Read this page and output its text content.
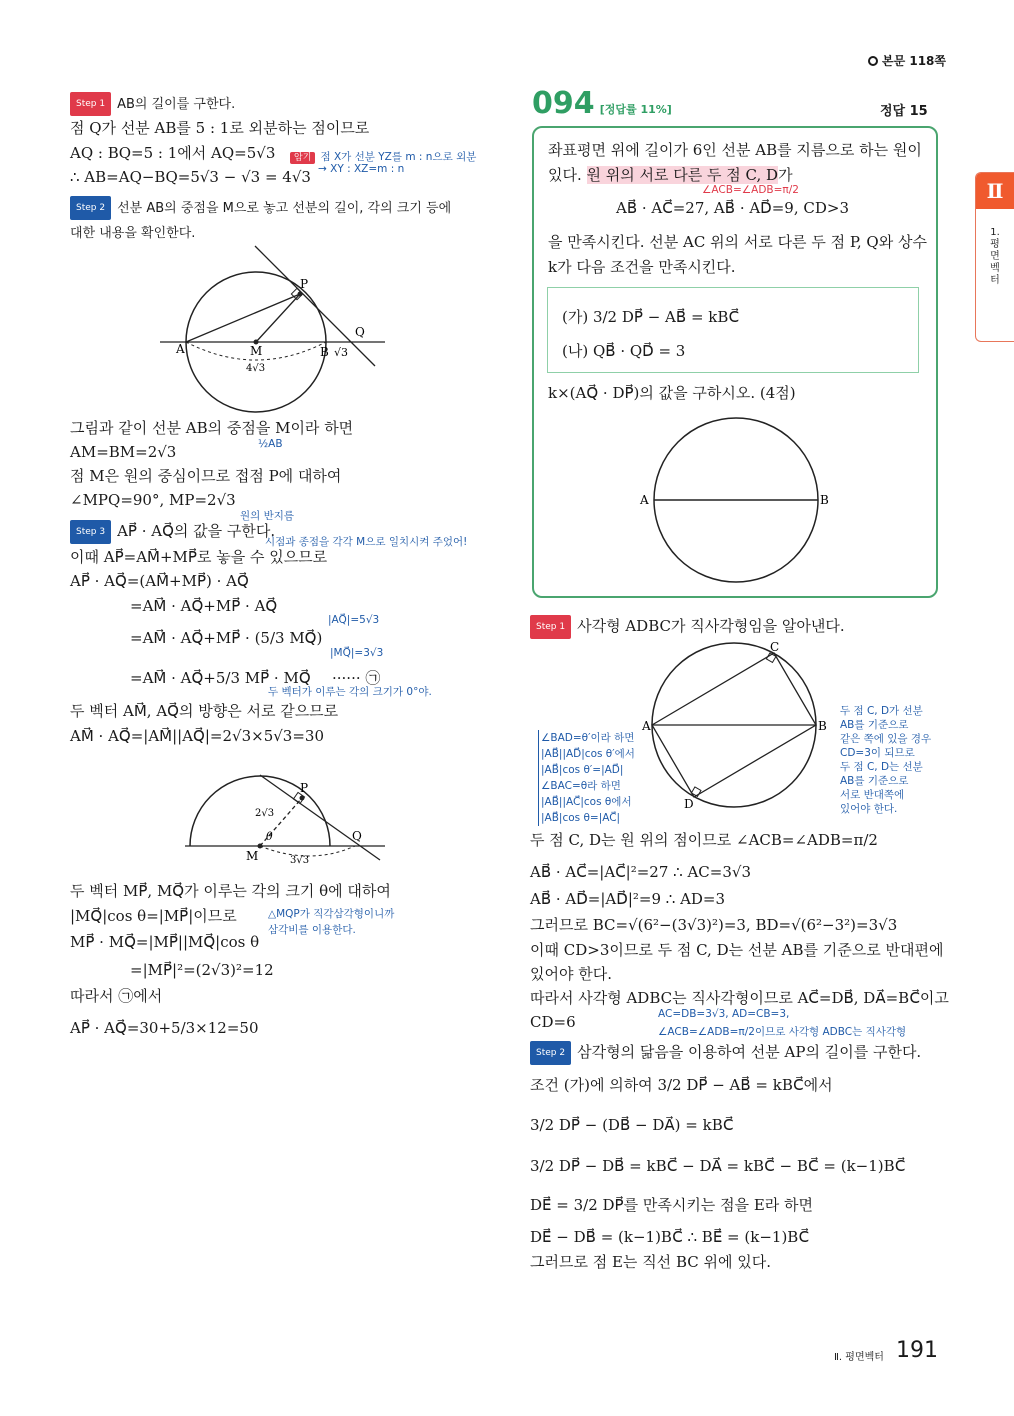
본문 118쪽
Ⅱ
1. 평면벡터
Step 1 AB의 길이를 구한다.
점 Q가 선분 AB를 5 : 1로 외분하는 점이므로
AQ : BQ=5 : 1에서 AQ=5√3	암기 점 X가 선분 YZ를 m : n으로 외분
→ XY : XZ=m : n
∴ AB=AQ−BQ=5√3 − √3 = 4√3
Step 2 선분 AB의 중점을 M으로 놓고 선분의 길이, 각의 크기 등에
대한 내용을 확인한다.
P
Q
A	M	B √3
4√3
그림과 같이 선분 AB의 중점을 M이라 하면
AM=BM=2√3	½AB
점 M은 원의 중심이므로 접점 P에 대하여
∠MPQ=90°, MP=2√3
원의 반지름
Step 3 AP⃗ · AQ⃗의 값을 구한다.
시점과 종점을 각각 M으로 일치시켜 주었어!
이때 AP⃗=AM⃗+MP⃗로 놓을 수 있으므로
AP⃗ · AQ⃗=(AM⃗+MP⃗) · AQ⃗
=AM⃗ · AQ⃗+MP⃗ · AQ⃗
|AQ⃗|=5√3
=AM⃗ · AQ⃗+MP⃗ · (5/3 MQ⃗)
|MQ⃗|=3√3
=AM⃗ · AQ⃗+5/3 MP⃗ · MQ⃗ ······ ㉠
두 벡터가 이루는 각의 크기가 0°야.
두 벡터 AM⃗, AQ⃗의 방향은 서로 같으므로
AM⃗ · AQ⃗=|AM⃗||AQ⃗|=2√3×5√3=30
P
Q
M
2√3
θ
3√3
두 벡터 MP⃗, MQ⃗가 이루는 각의 크기 θ에 대하여
|MQ⃗|cos θ=|MP⃗|이므로	△MQP가 직각삼각형이니까
삼각비를 이용한다.
MP⃗ · MQ⃗=|MP⃗||MQ⃗|cos θ
=|MP⃗|²=(2√3)²=12
따라서 ㉠에서
AP⃗ · AQ⃗=30+5/3×12=50
094 [정답률 11%]	정답 15
좌표평면 위에 길이가 6인 선분 AB를 지름으로 하는 원이
있다. 원 위의 서로 다른 두 점 C, D가
∠ACB=∠ADB=π/2
AB⃗ · AC⃗=27, AB⃗ · AD⃗=9, CD>3
을 만족시킨다. 선분 AC 위의 서로 다른 두 점 P, Q와 상수
k가 다음 조건을 만족시킨다.
(가) 3/2 DP⃗ − AB⃗ = kBC⃗
(나) QB⃗ · QD⃗ = 3
k×(AQ⃗ · DP⃗)의 값을 구하시오. (4점)
A	B
Step 1 사각형 ADBC가 직사각형임을 알아낸다.
A	B
C
D
두 점 C, D가 선분
AB를 기준으로
같은 쪽에 있을 경우
CD=3이 되므로
두 점 C, D는 선분
AB를 기준으로
서로 반대쪽에
있어야 한다.
∠BAD=θ′이라 하면
|AB⃗||AD⃗|cos θ′에서
|AB⃗|cos θ′=|AD⃗|
∠BAC=θ라 하면
|AB⃗||AC⃗|cos θ에서
|AB⃗|cos θ=|AC⃗|
두 점 C, D는 원 위의 점이므로 ∠ACB=∠ADB=π/2
AB⃗ · AC⃗=|AC⃗|²=27 ∴ AC=3√3
AB⃗ · AD⃗=|AD⃗|²=9 ∴ AD=3
그러므로 BC=√(6²−(3√3)²)=3, BD=√(6²−3²)=3√3
이때 CD>3이므로 두 점 C, D는 선분 AB를 기준으로 반대편에
있어야 한다.
따라서 사각형 ADBC는 직사각형이므로 AC⃗=DB⃗, DA⃗=BC⃗이고
AC=DB=3√3, AD=CB=3,
CD=6
∠ACB=∠ADB=π/2이므로 사각형 ADBC는 직사각형
Step 2 삼각형의 닮음을 이용하여 선분 AP의 길이를 구한다.
조건 (가)에 의하여 3/2 DP⃗ − AB⃗ = kBC⃗에서
3/2 DP⃗ − (DB⃗ − DA⃗) = kBC⃗
3/2 DP⃗ − DB⃗ = kBC⃗ − DA⃗ = kBC⃗ − BC⃗ = (k−1)BC⃗
DE⃗ = 3/2 DP⃗를 만족시키는 점을 E라 하면
DE⃗ − DB⃗ = (k−1)BC⃗ ∴ BE⃗ = (k−1)BC⃗
그러므로 점 E는 직선 BC 위에 있다.
Ⅱ. 평면벡터 191
